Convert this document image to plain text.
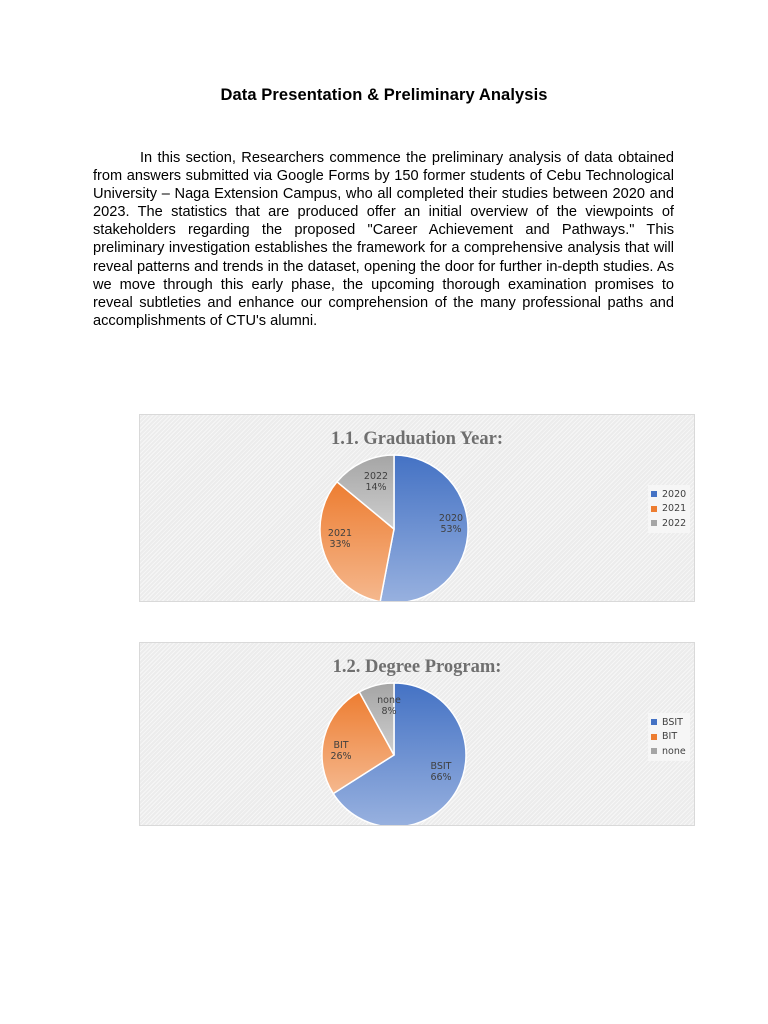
Data Presentation & Preliminary Analysis

In this section, Researchers commence the preliminary analysis of data obtained from answers submitted via Google Forms by 150 former students of Cebu Technological University – Naga Extension Campus, who all completed their studies between 2020 and 2023. The statistics that are produced offer an initial overview of the viewpoints of stakeholders regarding the proposed "Career Achievement and Pathways." This preliminary investigation establishes the framework for a comprehensive analysis that will reveal patterns and trends in the dataset, opening the door for further in-depth studies. As we move through this early phase, the upcoming thorough examination promises to reveal subtleties and enhance our comprehension of the many professional paths and accomplishments of CTU's alumni.

2020 53%
2021 33%
2022 14%
1.1. Graduation Year:
2020
2021
2022
BSIT 66%
BIT 26%
none 8%
1.2. Degree Program:
BSIT
BIT
none
